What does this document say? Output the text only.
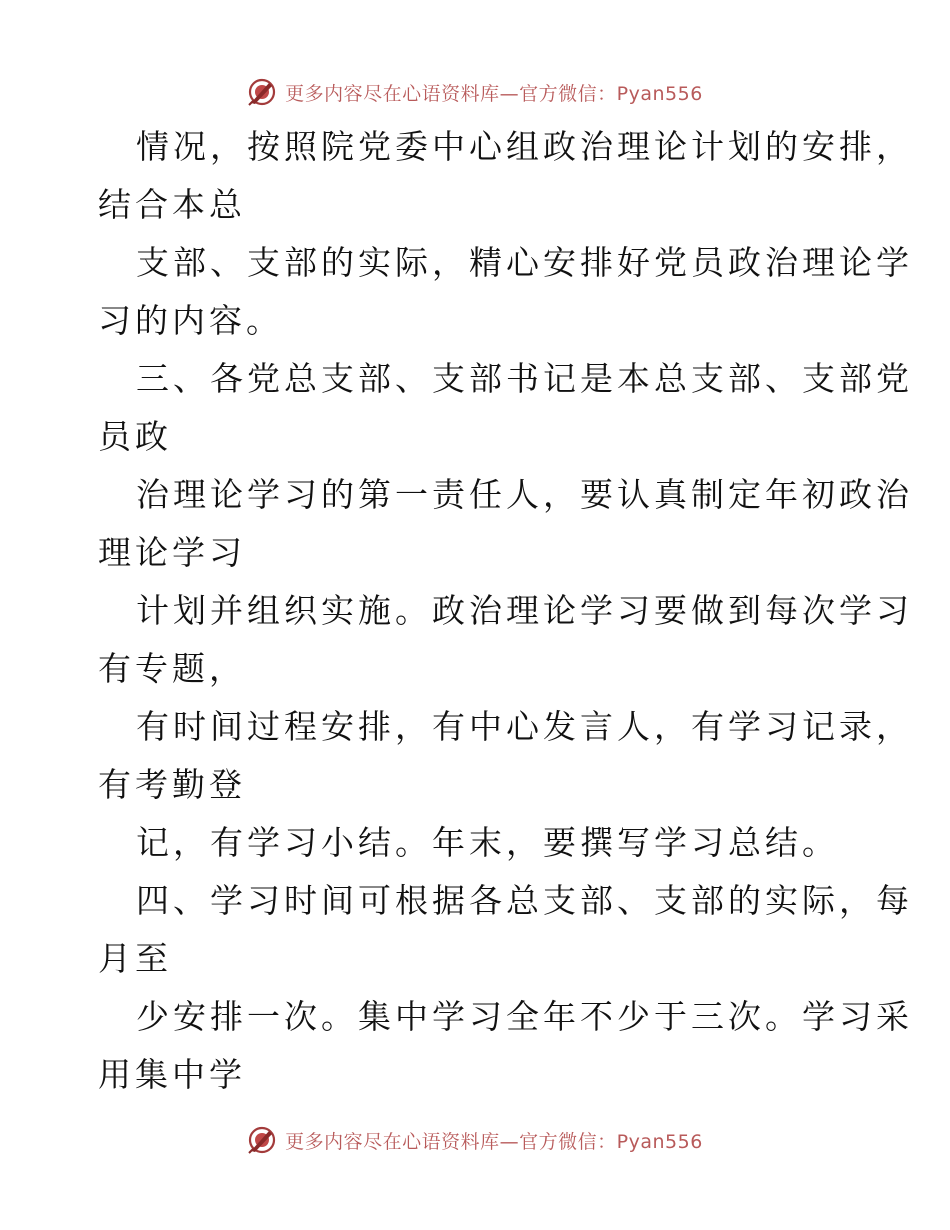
更多内容尽在心语资料库—官方微信：Pyan556
情况，按照院党委中心组政治理论计划的安排，
结合本总
支部、支部的实际，精心安排好党员政治理论学
习的内容。
三、各党总支部、支部书记是本总支部、支部党
员政
治理论学习的第一责任人，要认真制定年初政治
理论学习
计划并组织实施。政治理论学习要做到每次学习
有专题，
有时间过程安排，有中心发言人，有学习记录，
有考勤登
记，有学习小结。年末，要撰写学习总结。
四、学习时间可根据各总支部、支部的实际，每
月至
少安排一次。集中学习全年不少于三次。学习采
用集中学
更多内容尽在心语资料库—官方微信：Pyan556
